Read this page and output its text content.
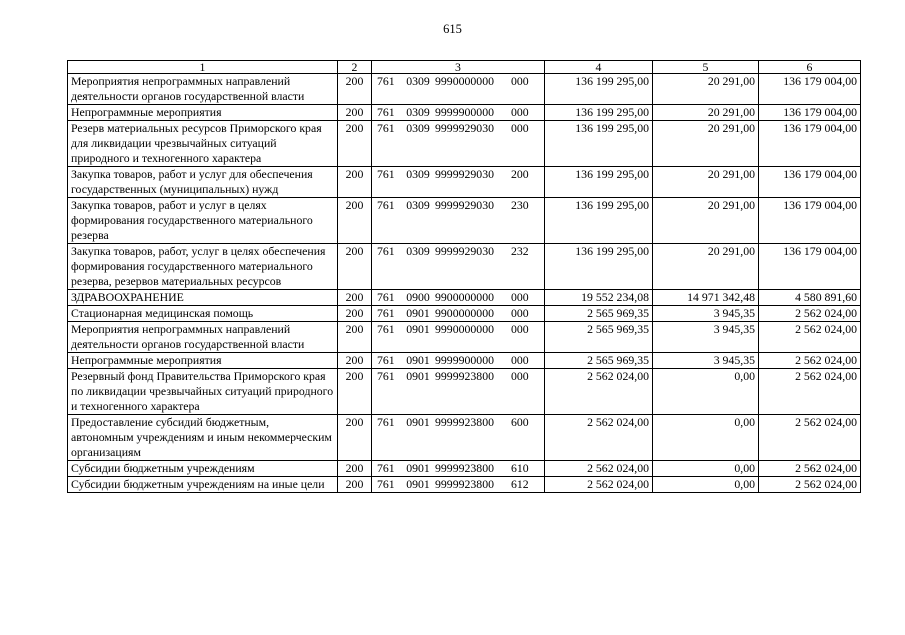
615
1	2	3	4	5	6
Мероприятия непрограммных направлений деятельности органов государственной власти	200	761 0309 9990000000 000	136 199 295,00	20 291,00	136 179 004,00
Непрограммные мероприятия	200	761 0309 9999900000 000	136 199 295,00	20 291,00	136 179 004,00
Резерв материальных ресурсов Приморского края для ликвидации чрезвычайных ситуаций природного и техногенного характера	200	761 0309 9999929030 000	136 199 295,00	20 291,00	136 179 004,00
Закупка товаров, работ и услуг для обеспечения государственных (муниципальных) нужд	200	761 0309 9999929030 200	136 199 295,00	20 291,00	136 179 004,00
Закупка товаров, работ и услуг в целях формирования государственного материального резерва	200	761 0309 9999929030 230	136 199 295,00	20 291,00	136 179 004,00
Закупка товаров, работ, услуг в целях обеспечения формирования государственного материального резерва, резервов материальных ресурсов	200	761 0309 9999929030 232	136 199 295,00	20 291,00	136 179 004,00
ЗДРАВООХРАНЕНИЕ	200	761 0900 9900000000 000	19 552 234,08	14 971 342,48	4 580 891,60
Стационарная медицинская помощь	200	761 0901 9900000000 000	2 565 969,35	3 945,35	2 562 024,00
Мероприятия непрограммных направлений деятельности органов государственной власти	200	761 0901 9990000000 000	2 565 969,35	3 945,35	2 562 024,00
Непрограммные мероприятия	200	761 0901 9999900000 000	2 565 969,35	3 945,35	2 562 024,00
Резервный фонд Правительства Приморского края по ликвидации чрезвычайных ситуаций природного и техногенного характера	200	761 0901 9999923800 000	2 562 024,00	0,00	2 562 024,00
Предоставление субсидий бюджетным, автономным учреждениям и иным некоммерческим организациям	200	761 0901 9999923800 600	2 562 024,00	0,00	2 562 024,00
Субсидии бюджетным учреждениям	200	761 0901 9999923800 610	2 562 024,00	0,00	2 562 024,00
Субсидии бюджетным учреждениям на иные цели	200	761 0901 9999923800 612	2 562 024,00	0,00	2 562 024,00
